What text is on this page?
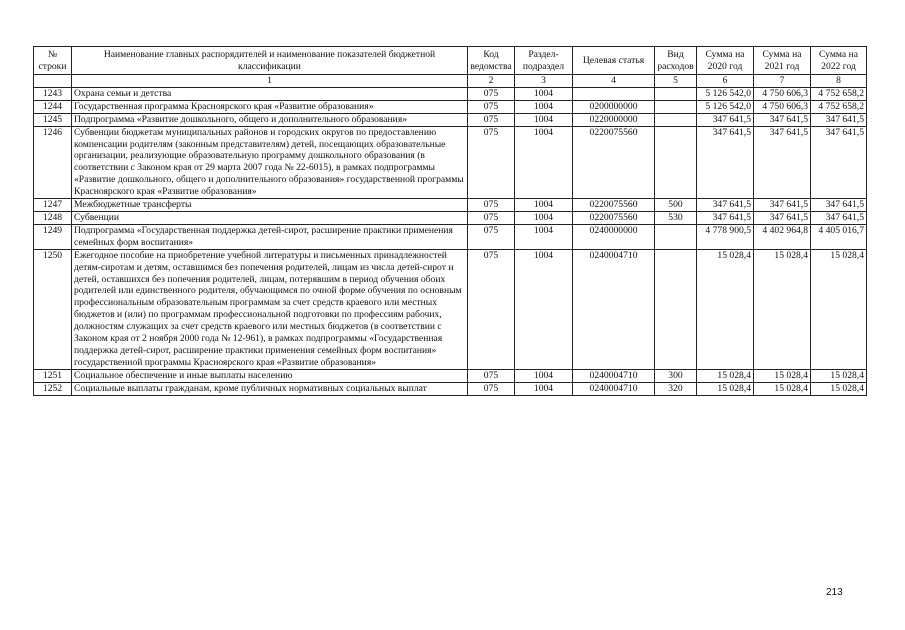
№ строки	Наименование главных распорядителей и наименование показателей бюджетной классификации	Код ведомства	Раздел-подраздел	Целевая статья	Вид расходов	Сумма на 2020 год	Сумма на 2021 год	Сумма на 2022 год
	1	2	3	4	5	6	7	8
1243	Охрана семьи и детства	075	1004			5 126 542,0	4 750 606,3	4 752 658,2
1244	Государственная программа Красноярского края «Развитие образования»	075	1004	0200000000		5 126 542,0	4 750 606,3	4 752 658,2
1245	Подпрограмма «Развитие дошкольного, общего и дополнительного образования»	075	1004	0220000000		347 641,5	347 641,5	347 641,5
1246	Субвенции бюджетам муниципальных районов и городских округов по предоставлению компенсации родителям (законным представителям) детей, посещающих образовательные организации, реализующие образовательную программу дошкольного образования (в соответствии с Законом края от 29 марта 2007 года № 22-6015), в рамках подпрограммы «Развитие дошкольного, общего и дополнительного образования» государственной программы Красноярского края «Развитие образования»	075	1004	0220075560		347 641,5	347 641,5	347 641,5
1247	Межбюджетные трансферты	075	1004	0220075560	500	347 641,5	347 641,5	347 641,5
1248	Субвенции	075	1004	0220075560	530	347 641,5	347 641,5	347 641,5
1249	Подпрограмма «Государственная поддержка детей-сирот, расширение практики применения семейных форм воспитания»	075	1004	0240000000		4 778 900,5	4 402 964,8	4 405 016,7
1250	Ежегодное пособие на приобретение учебной литературы и письменных принадлежностей детям-сиротам и детям, оставшимся без попечения родителей, лицам из числа детей-сирот и детей, оставшихся без попечения родителей, лицам, потерявшим в период обучения обоих родителей или единственного родителя, обучающимся по очной форме обучения по основным профессиональным образовательным программам за счет средств краевого или местных бюджетов и (или) по программам профессиональной подготовки по профессиям рабочих, должностям служащих за счет средств краевого или местных бюджетов (в соответствии с Законом края от 2 ноября 2000 года № 12-961), в рамках подпрограммы «Государственная поддержка детей-сирот, расширение практики применения семейных форм воспитания» государственной программы Красноярского края «Развитие образования»	075	1004	0240004710		15 028,4	15 028,4	15 028,4
1251	Социальное обеспечение и иные выплаты населению	075	1004	0240004710	300	15 028,4	15 028,4	15 028,4
1252	Социальные выплаты гражданам, кроме публичных нормативных социальных выплат	075	1004	0240004710	320	15 028,4	15 028,4	15 028,4
213
